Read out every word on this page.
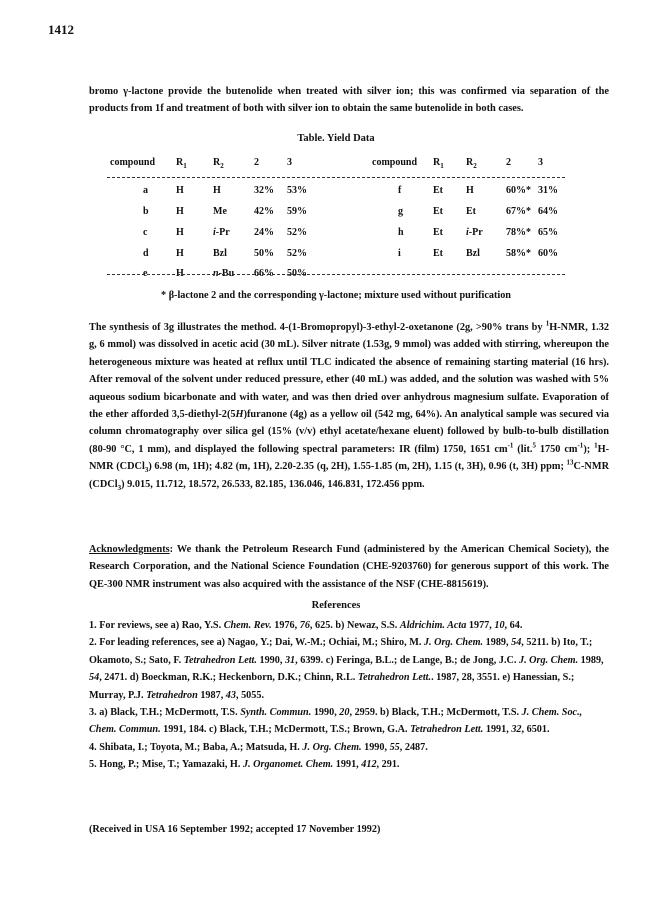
1412
bromo γ-lactone provide the butenolide when treated with silver ion; this was confirmed via separation of the products from 1f and treatment of both with silver ion to obtain the same butenolide in both cases.
Table. Yield Data
compound $R_1$	$R_2$	2	3	compound $R_1$ $R_2$	2	3
a	H	H	32% 53%
b	H	Me	42% 59%
c	H	i-Pr 24% 52%
d	H	Bzl	50% 52%
e	H	n-Bu 66% 50%
f	Et H	60%* 31%
g	Et Et	67%* 64%
h	Et i-Pr 78%* 65%
i	Et Bzl	58%* 60%
* β-lactone 2 and the corresponding γ-lactone; mixture used without purification
The synthesis of 3g illustrates the method. 4-(1-Bromopropyl)-3-ethyl-2-oxetanone (2g, >90% trans by $^1$H-NMR, 1.32 g, 6 mmol) was dissolved in acetic acid (30 mL). Silver nitrate (1.53g, 9 mmol) was added with stirring, whereupon the heterogeneous mixture was heated at reflux until TLC indicated the absence of remaining starting material (16 hrs). After removal of the solvent under reduced pressure, ether (40 mL) was added, and the solution was washed with 5% aqueous sodium bicarbonate and with water, and was then dried over anhydrous magnesium sulfate. Evaporation of the ether afforded 3,5-diethyl-2(5H)furanone (4g) as a yellow oil (542 mg, 64%). An analytical sample was secured via column chromatography over silica gel (15% (v/v) ethyl acetate/hexane eluent) followed by bulb-to-bulb distillation (80-90 °C, 1 mm), and displayed the following spectral parameters: IR (film) 1750, 1651 $cm^{-1}$ (lit.$^5$ 1750 $cm^{-1}$); $^1$H-NMR (CDCl$_3$) 6.98 (m, 1H); 4.82 (m, 1H), 2.20-2.35 (q, 2H), 1.55-1.85 (m, 2H), 1.15 (t, 3H), 0.96 (t, 3H) ppm; $^{13}$C-NMR (CDCl$_3$) 9.015, 11.712, 18.572, 26.533, 82.185, 136.046, 146.831, 172.456 ppm.
Acknowledgments: We thank the Petroleum Research Fund (administered by the American Chemical Society), the Research Corporation, and the National Science Foundation (CHE-9203760) for generous support of this work. The QE-300 NMR instrument was also acquired with the assistance of the NSF (CHE-8815619).
References
1. For reviews, see a) Rao, Y.S. Chem. Rev. 1976, 76, 625. b) Newaz, S.S. Aldrichim. Acta 1977, 10, 64.
2. For leading references, see a) Nagao, Y.; Dai, W.-M.; Ochiai, M.; Shiro, M. J. Org. Chem. 1989, 54, 5211. b) Ito, T.; Okamoto, S.; Sato, F. Tetrahedron Lett. 1990, 31, 6399. c) Feringa, B.L.; de Lange, B.; de Jong, J.C. J. Org. Chem. 1989, 54, 2471. d) Boeckman, R.K.; Heckenborn, D.K.; Chinn, R.L. Tetrahedron Lett.. 1987, 28, 3551. e) Hanessian, S.; Murray, P.J. Tetrahedron 1987, 43, 5055.
3. a) Black, T.H.; McDermott, T.S. Synth. Commun. 1990, 20, 2959. b) Black, T.H.; McDermott, T.S. J. Chem. Soc., Chem. Commun. 1991, 184. c) Black, T.H.; McDermott, T.S.; Brown, G.A. Tetrahedron Lett. 1991, 32, 6501.
4. Shibata, I.; Toyota, M.; Baba, A.; Matsuda, H. J. Org. Chem. 1990, 55, 2487.
5. Hong, P.; Mise, T.; Yamazaki, H. J. Organomet. Chem. 1991, 412, 291.
(Received in USA 16 September 1992; accepted 17 November 1992)
